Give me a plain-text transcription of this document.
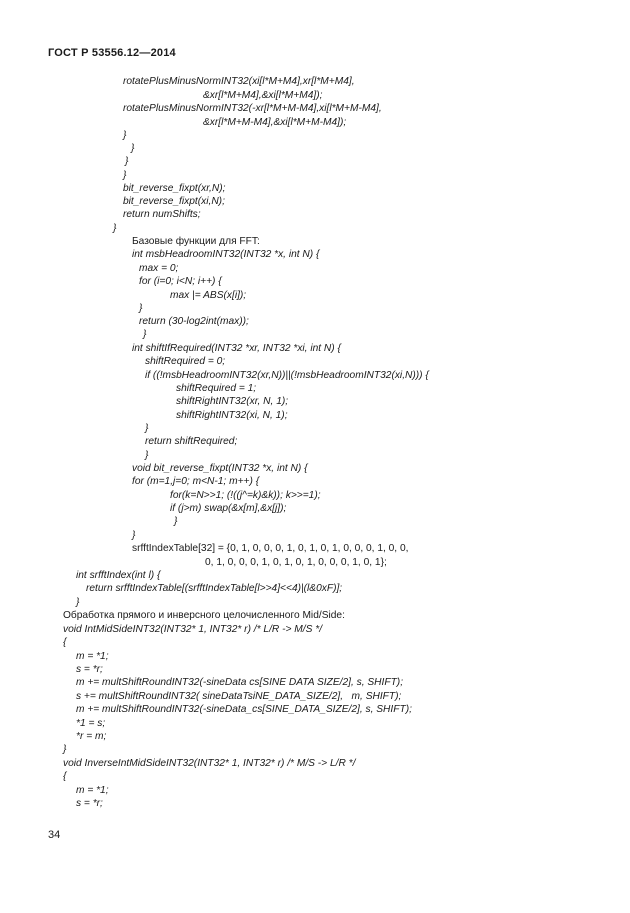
ГОСТ Р 53556.12—2014
rotatePlusMinusNormINT32(xi[l*M+M4],xr[l*M+M4],
&xr[l*M+M4],&xi[l*M+M4]);
rotatePlusMinusNormINT32(-xr[l*M+M-M4],xi[l*M+M-M4],
&xr[l*M+M-M4],&xi[l*M+M-M4]);
}
}
}
}
bit_reverse_fixpt(xr,N);
bit_reverse_fixpt(xi,N);
return numShifts;
}
Базовые функции для FFT:
int msbHeadroomINT32(INT32 *x, int N) {
max = 0;
for (i=0; i<N; i++) {
max |= ABS(x[i]);
}
return (30-log2int(max));
}
int shiftIfRequired(INT32 *xr, INT32 *xi, int N) {
shiftRequired = 0;
if ((!msbHeadroomINT32(xr,N))||(!msbHeadroomINT32(xi,N))) {
shiftRequired = 1;
shiftRightINT32(xr, N, 1);
shiftRightINT32(xi, N, 1);
}
return shiftRequired;
}
void bit_reverse_fixpt(INT32 *x, int N) {
for (m=1,j=0; m<N-1; m++) {
for(k=N>>1; (!((j^=k)&k)); k>>=1);
if (j>m) swap(&x[m],&x[j]);
}
}
srfftIndexTable[32] = {0, 1, 0, 0, 0, 1, 0, 1, 0, 1, 0, 0, 0, 1, 0, 0,
0, 1, 0, 0, 0, 1, 0, 1, 0, 1, 0, 0, 0, 1, 0, 1};
int srfftIndex(int l) {
return srfftIndexTable[(srfftIndexTable[l>>4]<<4)|(l&0xF)];
}
Обработка прямого и инверсного целочисленного Mid/Side:
void IntMidSideINT32(INT32* 1, INT32* r) /* L/R -> M/S */
{
m = *1;
s = *r;
m += multShiftRoundINT32(-sineData cs[SINE DATA SIZE/2], s, SHIFT);
s += multShiftRoundINT32( sineDataTsiNE_DATA_SIZE/2],   m, SHIFT);
m += multShiftRoundINT32(-sineData_cs[SINE_DATA_SIZE/2], s, SHIFT);
*1 = s;
*r = m;
}
void InverseIntMidSideINT32(INT32* 1, INT32* r) /* M/S -> L/R */
{
m = *1;
s = *r;
34
